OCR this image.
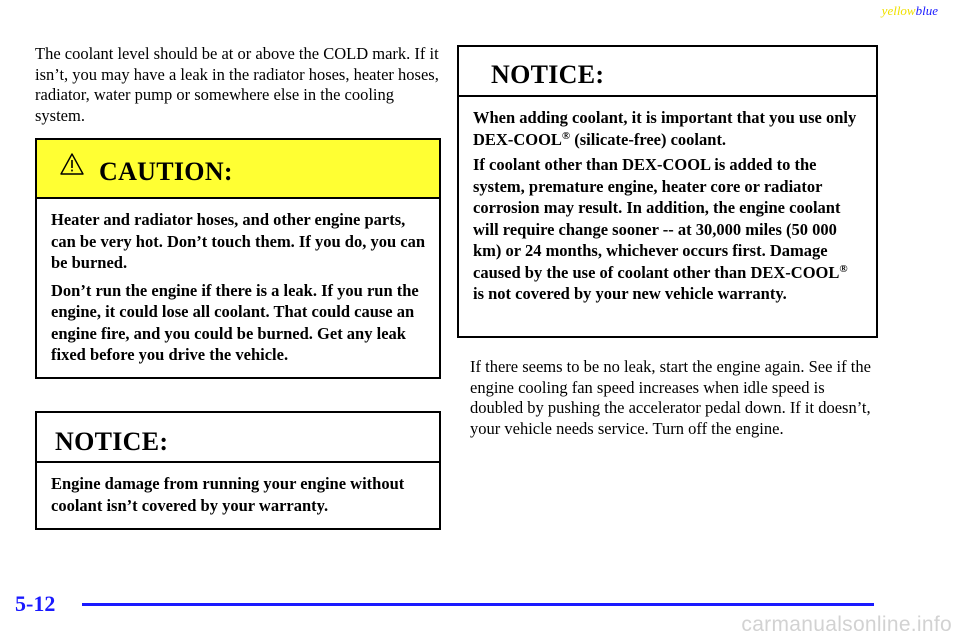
yellowblue

The coolant level should be at or above the COLD mark. If it isn’t, you may have a leak in the radiator hoses, heater hoses, radiator, water pump or somewhere else in the cooling system.

CAUTION:

Heater and radiator hoses, and other engine parts, can be very hot. Don’t touch them. If you do, you can be burned.

Don’t run the engine if there is a leak. If you run the engine, it could lose all coolant. That could cause an engine fire, and you could be burned. Get any leak fixed before you drive the vehicle.

NOTICE:

Engine damage from running your engine without coolant isn’t covered by your warranty.

NOTICE:

When adding coolant, it is important that you use only DEX-COOL® (silicate-free) coolant.

If coolant other than DEX-COOL is added to the system, premature engine, heater core or radiator corrosion may result. In addition, the engine coolant will require change sooner -- at 30,000 miles (50 000 km) or 24 months, whichever occurs first. Damage caused by the use of coolant other than DEX-COOL® is not covered by your new vehicle warranty.

If there seems to be no leak, start the engine again. See if the engine cooling fan speed increases when idle speed is doubled by pushing the accelerator pedal down. If it doesn’t, your vehicle needs service. Turn off the engine.

5-12
carmanualsonline.info
